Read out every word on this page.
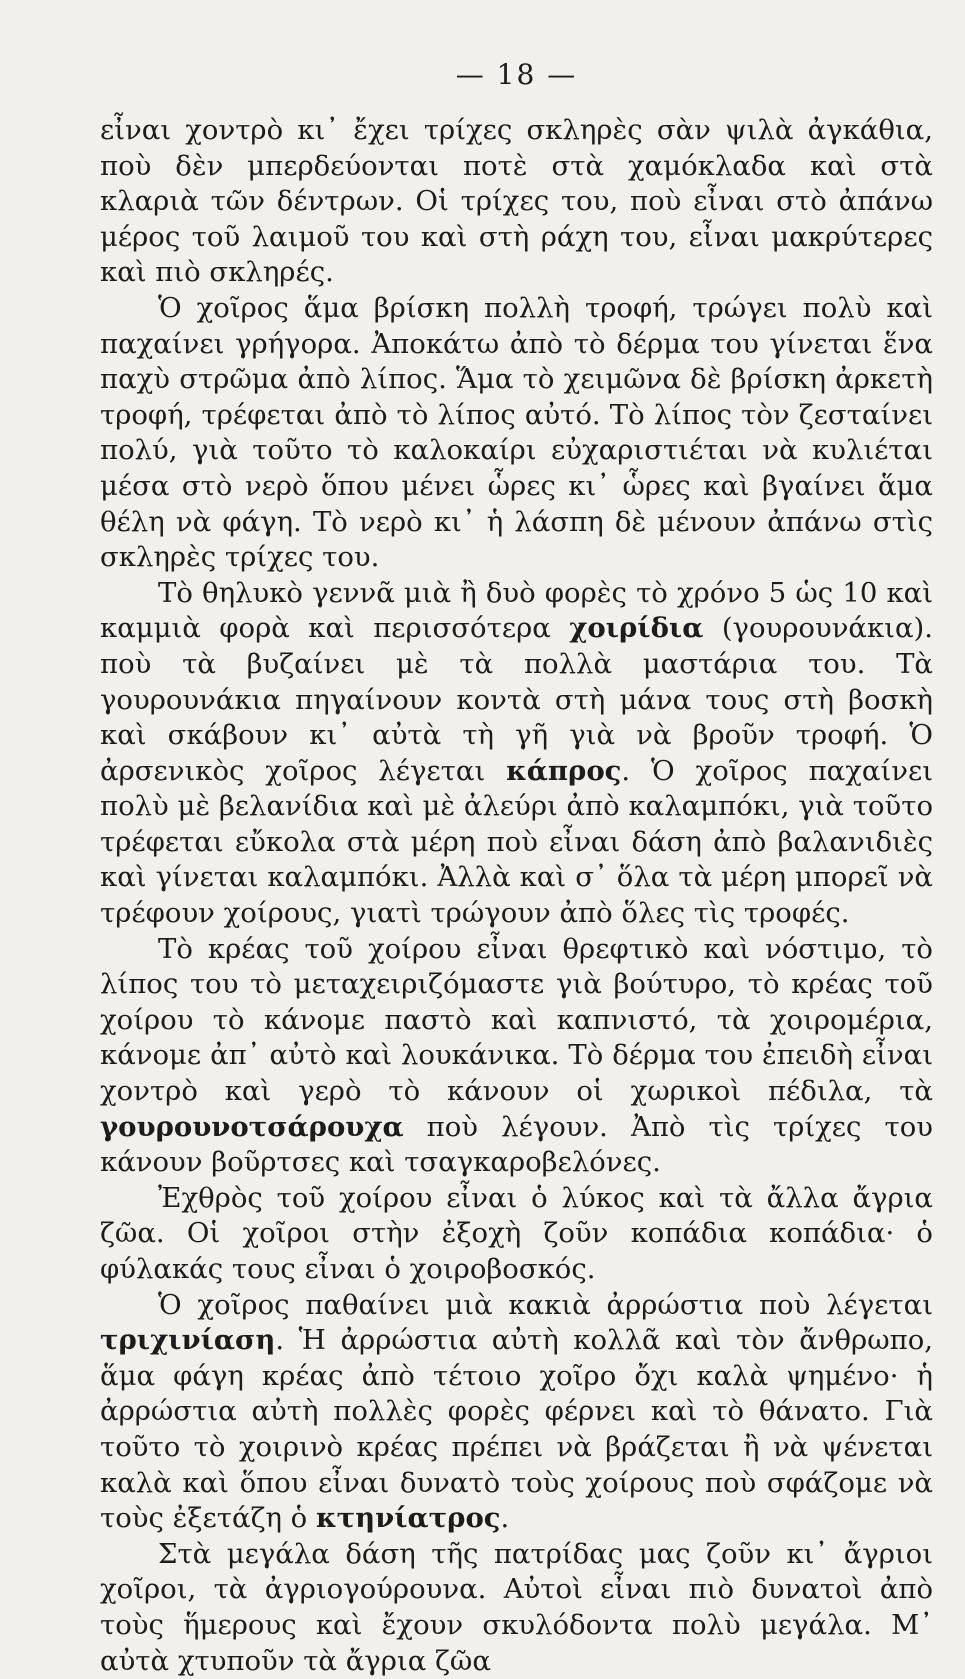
— 18 —

εἶναι χοντρὸ κι᾿ ἔχει τρίχες σκληρὲς σὰν ψιλὰ ἀγκάθια, ποὺ δὲν μπερδεύονται ποτὲ στὰ χαμόκλαδα καὶ στὰ κλαριὰ τῶν δέντρων. Οἱ τρίχες του, ποὺ εἶναι στὸ ἀπάνω μέρος τοῦ λαιμοῦ του καὶ στὴ ράχη του, εἶναι μακρύτερες καὶ πιὸ σκληρές.

Ὁ χοῖρος ἅμα βρίσκη πολλὴ τροφή, τρώγει πολὺ καὶ παχαίνει γρήγορα. Ἀποκάτω ἀπὸ τὸ δέρμα του γίνεται ἕνα παχὺ στρῶμα ἀπὸ λίπος. Ἅμα τὸ χειμῶνα δὲ βρίσκη ἀρκετὴ τροφή, τρέφεται ἀπὸ τὸ λίπος αὐτό. Τὸ λίπος τὸν ζεσταίνει πολύ, γιὰ τοῦτο τὸ καλοκαίρι εὐχαριστιέται νὰ κυλιέται μέσα στὸ νερὸ ὅπου μένει ὧρες κι᾿ ὧρες καὶ βγαίνει ἅμα θέλη νὰ φάγη. Τὸ νερὸ κι᾿ ἡ λάσπη δὲ μένουν ἀπάνω στὶς σκληρὲς τρίχες του.

Τὸ θηλυκὸ γεννᾶ μιὰ ἢ δυὸ φορὲς τὸ χρόνο 5 ὡς 10 καὶ καμμιὰ φορὰ καὶ περισσότερα χοιρίδια (γουρουνάκια). ποὺ τὰ βυζαίνει μὲ τὰ πολλὰ μαστάρια του. Τὰ γουρουνάκια πηγαίνουν κοντὰ στὴ μάνα τους στὴ βοσκὴ καὶ σκάβουν κι᾿ αὐτὰ τὴ γῆ γιὰ νὰ βροῦν τροφή. Ὁ ἀρσενικὸς χοῖρος λέγεται κάπρος. Ὁ χοῖρος παχαίνει πολὺ μὲ βελανίδια καὶ μὲ ἀλεύρι ἀπὸ καλαμπόκι, γιὰ τοῦτο τρέφεται εὔκολα στὰ μέρη ποὺ εἶναι δάση ἀπὸ βαλανιδιὲς καὶ γίνεται καλαμπόκι. Ἀλλὰ καὶ σ᾿ ὅλα τὰ μέρη μπορεῖ νὰ τρέφουν χοίρους, γιατὶ τρώγουν ἀπὸ ὅλες τὶς τροφές.

Τὸ κρέας τοῦ χοίρου εἶναι θρεφτικὸ καὶ νόστιμο, τὸ λίπος του τὸ μεταχειριζόμαστε γιὰ βούτυρο, τὸ κρέας τοῦ χοίρου τὸ κάνομε παστὸ καὶ καπνιστό, τὰ χοιρομέρια, κάνομε ἀπ᾿ αὐτὸ καὶ λουκάνικα. Τὸ δέρμα του ἐπειδὴ εἶναι χοντρὸ καὶ γερὸ τὸ κάνουν οἱ χωρικοὶ πέδιλα, τὰ γουρουνοτσάρουχα ποὺ λέγουν. Ἀπὸ τὶς τρίχες του κάνουν βοῦρτσες καὶ τσαγκαροβελόνες.

Ἐχθρὸς τοῦ χοίρου εἶναι ὁ λύκος καὶ τὰ ἄλλα ἄγρια ζῶα. Οἱ χοῖροι στὴν ἐξοχὴ ζοῦν κοπάδια κοπάδια· ὁ φύλακάς τους εἶναι ὁ χοιροβοσκός.

Ὁ χοῖρος παθαίνει μιὰ κακιὰ ἀρρώστια ποὺ λέγεται τριχινίαση. Ἡ ἀρρώστια αὐτὴ κολλᾶ καὶ τὸν ἄνθρωπο, ἅμα φάγη κρέας ἀπὸ τέτοιο χοῖρο ὄχι καλὰ ψημένο· ἡ ἀρρώστια αὐτὴ πολλὲς φορὲς φέρνει καὶ τὸ θάνατο. Γιὰ τοῦτο τὸ χοιρινὸ κρέας πρέπει νὰ βράζεται ἢ νὰ ψένεται καλὰ καὶ ὅπου εἶναι δυνατὸ τοὺς χοίρους ποὺ σφάζομε νὰ τοὺς ἐξετάζη ὁ κτηνίατρος.

Στὰ μεγάλα δάση τῆς πατρίδας μας ζοῦν κι᾿ ἄγριοι χοῖροι, τὰ ἀγριογούρουνα. Αὐτοὶ εἶναι πιὸ δυνατοὶ ἀπὸ τοὺς ἥμερους καὶ ἔχουν σκυλόδοντα πολὺ μεγάλα. Μ᾿ αὐτὰ χτυποῦν τὰ ἄγρια ζῶα
